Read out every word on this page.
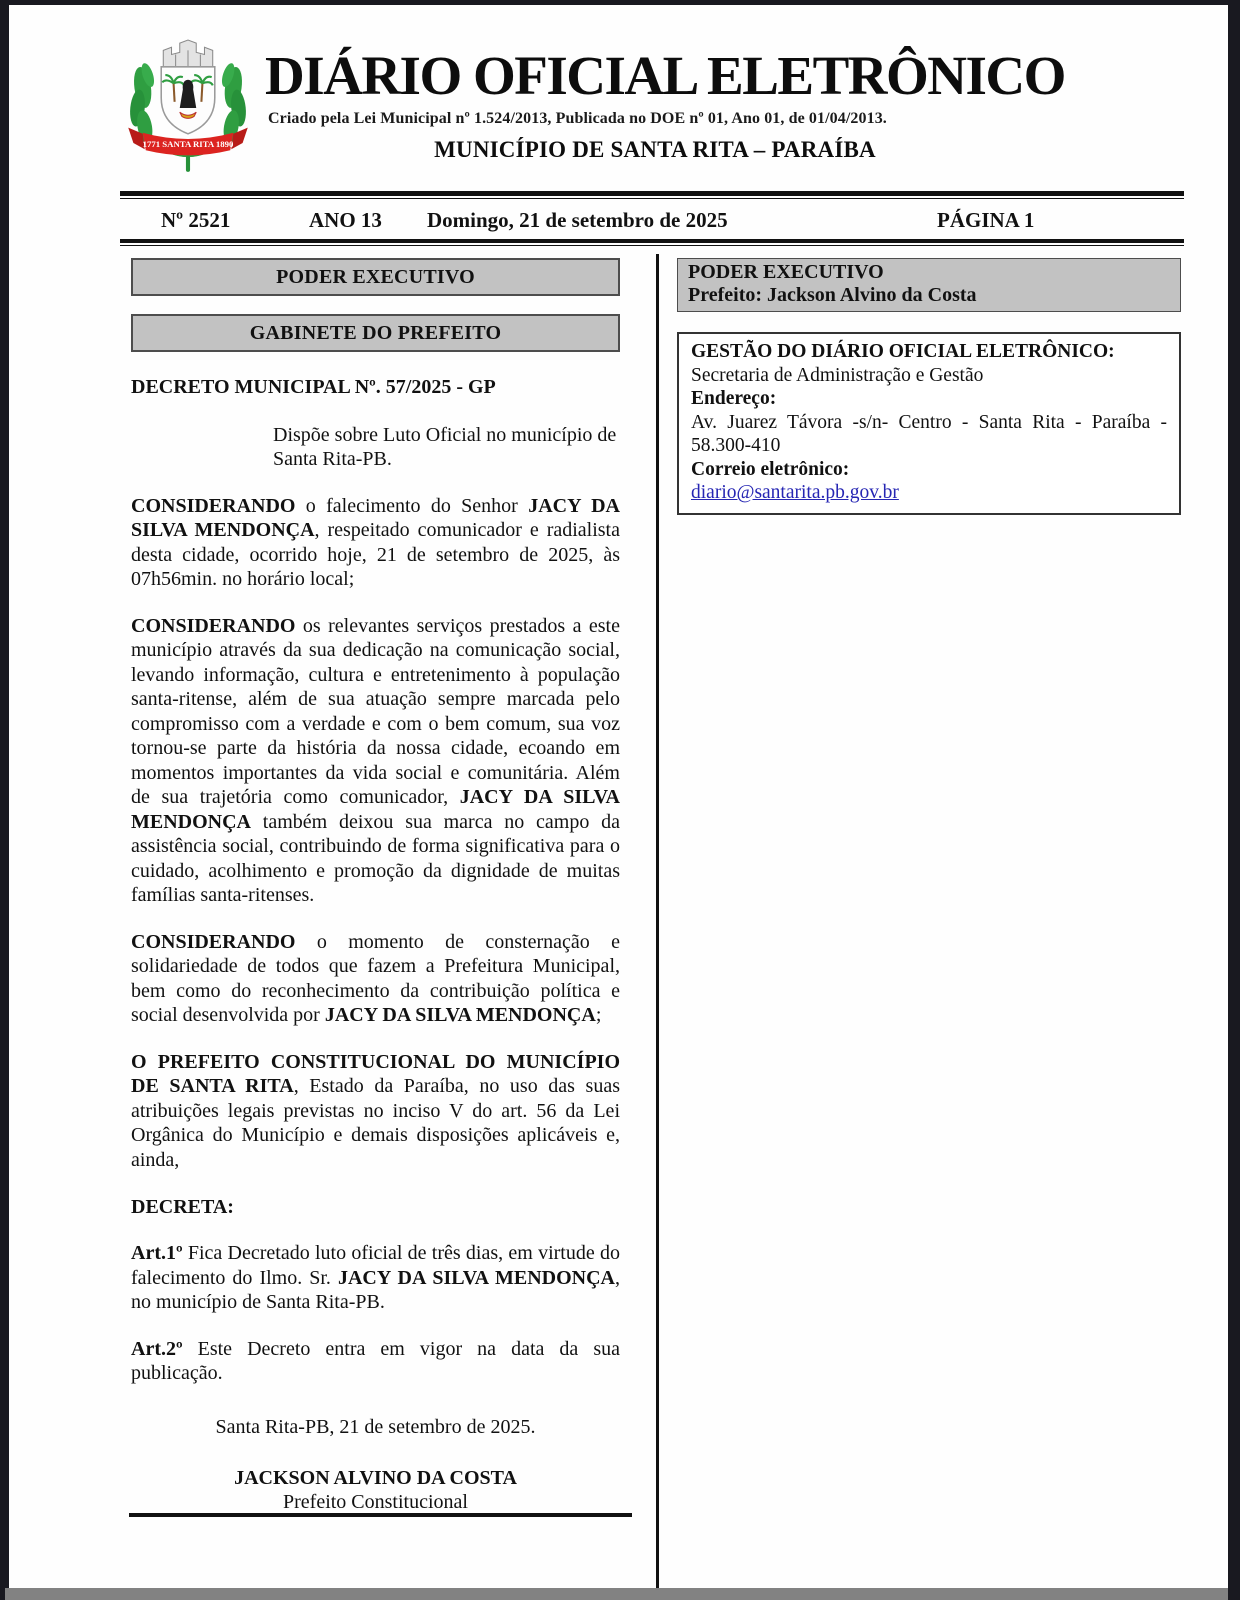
1771 SANTA RITA 1890
DIÁRIO OFICIAL ELETRÔNICO
Criado pela Lei Municipal nº 1.524/2013, Publicada no DOE nº 01, Ano 01, de 01/04/2013.
MUNICÍPIO DE SANTA RITA – PARAÍBA
Nº 2521	ANO 13 Domingo, 21 de setembro de 2025	PÁGINA 1
PODER EXECUTIVO
GABINETE DO PREFEITO
DECRETO MUNICIPAL Nº. 57/2025 - GP
Dispõe sobre Luto Oficial no município de Santa Rita-PB.

CONSIDERANDO o falecimento do Senhor JACY DA SILVA MENDONÇA, respeitado comunicador e radialista desta cidade, ocorrido hoje, 21 de setembro de 2025, às 07h56min. no horário local;

CONSIDERANDO os relevantes serviços prestados a este município através da sua dedicação na comunicação social, levando informação, cultura e entretenimento à população santa-ritense, além de sua atuação sempre marcada pelo compromisso com a verdade e com o bem comum, sua voz tornou-se parte da história da nossa cidade, ecoando em momentos importantes da vida social e comunitária. Além de sua trajetória como comunicador, JACY DA SILVA MENDONÇA também deixou sua marca no campo da assistência social, contribuindo de forma significativa para o cuidado, acolhimento e promoção da dignidade de muitas famílias santa-ritenses.

CONSIDERANDO o momento de consternação e solidariedade de todos que fazem a Prefeitura Municipal, bem como do reconhecimento da contribuição política e social desenvolvida por JACY DA SILVA MENDONÇA;

O PREFEITO CONSTITUCIONAL DO MUNICÍPIO DE SANTA RITA, Estado da Paraíba, no uso das suas atribuições legais previstas no inciso V do art. 56 da Lei Orgânica do Município e demais disposições aplicáveis e, ainda,

DECRETA:

Art.1º Fica Decretado luto oficial de três dias, em virtude do falecimento do Ilmo. Sr. JACY DA SILVA MENDONÇA, no município de Santa Rita-PB.

Art.2º Este Decreto entra em vigor na data da sua publicação.

Santa Rita-PB, 21 de setembro de 2025.
JACKSON ALVINO DA COSTA
Prefeito Constitucional
PODER EXECUTIVO
Prefeito: Jackson Alvino da Costa
GESTÃO DO DIÁRIO OFICIAL ELETRÔNICO:
Secretaria de Administração e Gestão
Endereço:
Av. Juarez Távora -s/n- Centro - Santa Rita - Paraíba - 58.300-410
Correio eletrônico:
diario@santarita.pb.gov.br
